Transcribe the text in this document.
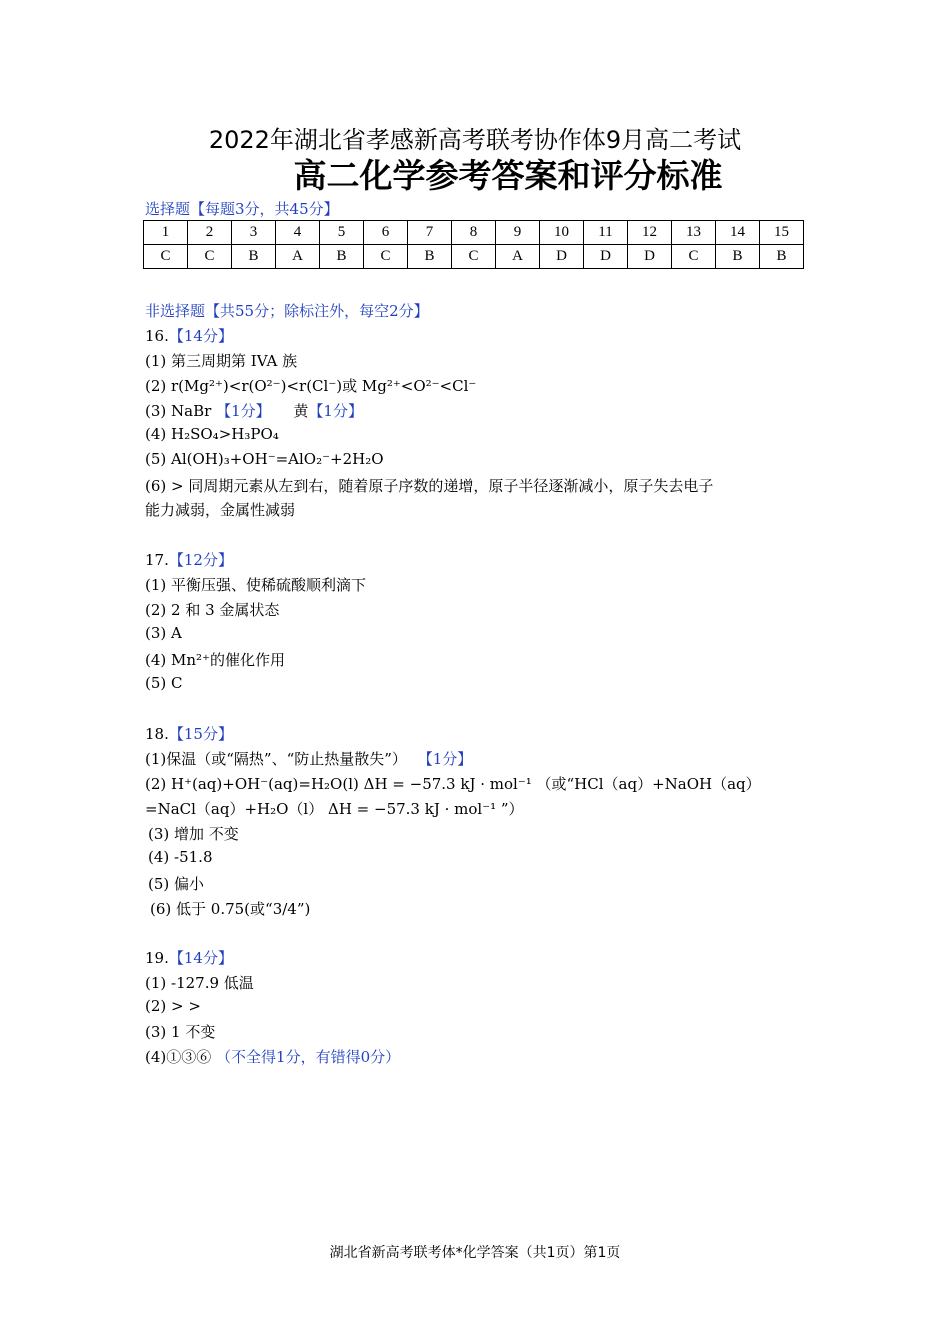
2022年湖北省孝感新高考联考协作体9月高二考试
高二化学参考答案和评分标准
选择题【每题3分，共45分】
1	2	3	4	5	6	7	8	9	10	11	12	13	14	15
C	C	B	A	B	C	B	C	A	D	D	D	C	B	B
非选择题【共55分；除标注外，每空2分】
16.【14分】
(1) 第三周期第 IVA 族
(2) r(Mg²⁺)<r(O²⁻)<r(Cl⁻)或 Mg²⁺<O²⁻<Cl⁻
(3) NaBr 【1分】 黄【1分】
(4) H₂SO₄>H₃PO₄
(5) Al(OH)₃+OH⁻=AlO₂⁻+2H₂O
(6) > 同周期元素从左到右，随着原子序数的递增，原子半径逐渐减小，原子失去电子
能力减弱，金属性减弱
17.【12分】
(1) 平衡压强、使稀硫酸顺利滴下
(2) 2 和 3 金属状态
(3) A
(4) Mn²⁺的催化作用
(5) C
18.【15分】
(1)保温（或“隔热”、“防止热量散失”） 【1分】
(2) H⁺(aq)+OH⁻(aq)=H₂O(l) ΔH = −57.3 kJ · mol⁻¹ （或“HCl（aq）+NaOH（aq）
=NaCl（aq）+H₂O（l） ΔH = −57.3 kJ · mol⁻¹ ”）
(3) 增加 不变
(4) -51.8
(5) 偏小
(6) 低于 0.75(或“3/4”)
19.【14分】
(1) -127.9 低温
(2) > >
(3) 1 不变
(4)①③⑥ （不全得1分，有错得0分）
湖北省新高考联考体*化学答案（共1页）第1页
